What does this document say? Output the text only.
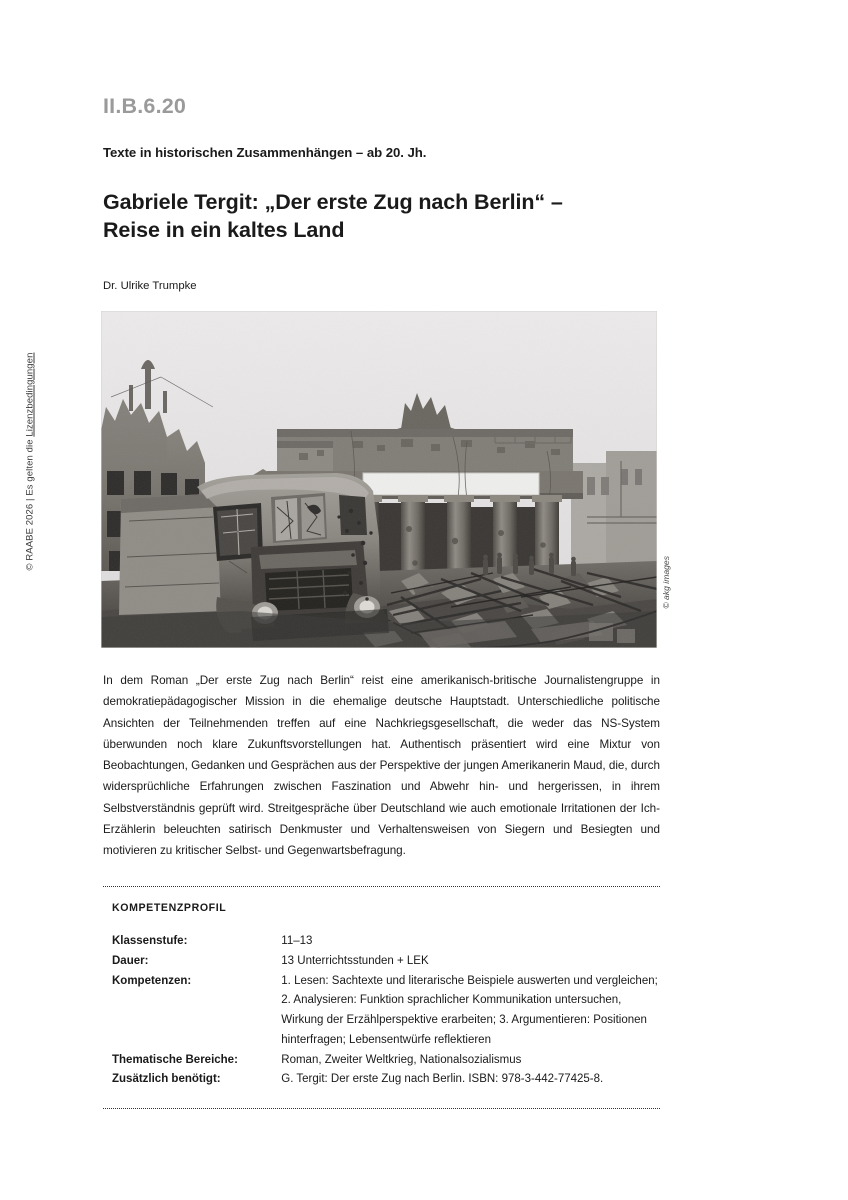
© RAABE 2026 | Es gelten die Lizenzbedingungen
II.B.6.20
Texte in historischen Zusammenhängen – ab 20. Jh.
Gabriele Tergit: „Der erste Zug nach Berlin“ –
Reise in ein kaltes Land
Dr. Ulrike Trumpke
In dem Roman „Der erste Zug nach Berlin“ reist eine amerikanisch-britische Journalistengruppe in demokratiepädagogischer Mission in die ehemalige deutsche Hauptstadt. Unterschiedliche politische Ansichten der Teilnehmenden treffen auf eine Nachkriegsgesellschaft, die weder das NS-System überwunden noch klare Zukunftsvorstellungen hat. Authentisch präsentiert wird eine Mixtur von Beobachtungen, Gedanken und Gesprächen aus der Perspektive der jungen Amerikanerin Maud, die, durch widersprüchliche Erfahrungen zwischen Faszination und Abwehr hin- und hergerissen, in ihrem Selbstverständnis geprüft wird. Streitgespräche über Deutschland wie auch emotionale Irritationen der Ich-Erzählerin beleuchten satirisch Denkmuster und Verhaltensweisen von Siegern und Besiegten und motivieren zu kritischer Selbst- und Gegenwartsbefragung.
KOMPETENZPROFIL
Klassenstufe:	11–13
Dauer:	13 Unterrichtsstunden + LEK
Kompetenzen:	1. Lesen: Sachtexte und literarische Beispiele auswerten und vergleichen; 2. Analysieren: Funktion sprachlicher Kommunikation untersuchen, Wirkung der Erzählperspektive erarbeiten; 3. Argumentieren: Positionen hinterfragen; Lebensentwürfe reflektieren
Thematische Bereiche:	Roman, Zweiter Weltkrieg, Nationalsozialismus
Zusätzlich benötigt:	G. Tergit: Der erste Zug nach Berlin. ISBN: 978-3-442-77425-8.
© akg images
